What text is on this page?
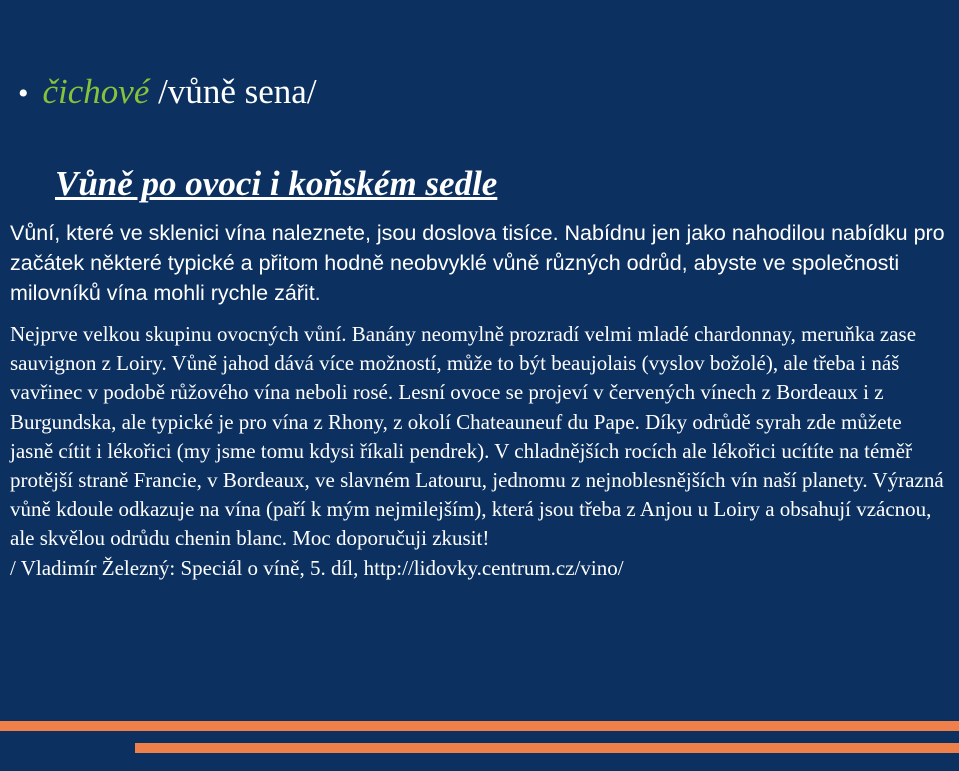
• čichové /vůně sena/
Vůně po ovoci i koňském sedle
Vůní, které ve sklenici vína naleznete, jsou doslova tisíce. Nabídnu jen jako nahodilou nabídku pro začátek některé typické a přitom hodně neobvyklé vůně různých odrůd, abyste ve společnosti milovníků vína mohli rychle zářit.
Nejprve velkou skupinu ovocných vůní. Banány neomylně prozradí velmi mladé chardonnay, meruňka zase sauvignon z Loiry. Vůně jahod dává více možností, může to být beaujolais (vyslov božolé), ale třeba i náš vavřinec v podobě růžového vína neboli rosé. Lesní ovoce se projeví v červených vínech z Bordeaux i z Burgundska, ale typické je pro vína z Rhony, z okolí Chateauneuf du Pape. Díky odrůdě syrah zde můžete jasně cítit i lékořici (my jsme tomu kdysi říkali pendrek). V chladnějších rocích ale lékořici ucítíte na téměř protější straně Francie, v Bordeaux, ve slavném Latouru, jednomu z nejnoblesnějších vín naší planety. Výrazná vůně kdoule odkazuje na vína (paří k mým nejmilejším), která jsou třeba z Anjou u Loiry a obsahují vzácnou, ale skvělou odrůdu chenin blanc. Moc doporučuji zkusit!
/ Vladimír Železný: Speciál o víně, 5. díl, http://lidovky.centrum.cz/vino/
